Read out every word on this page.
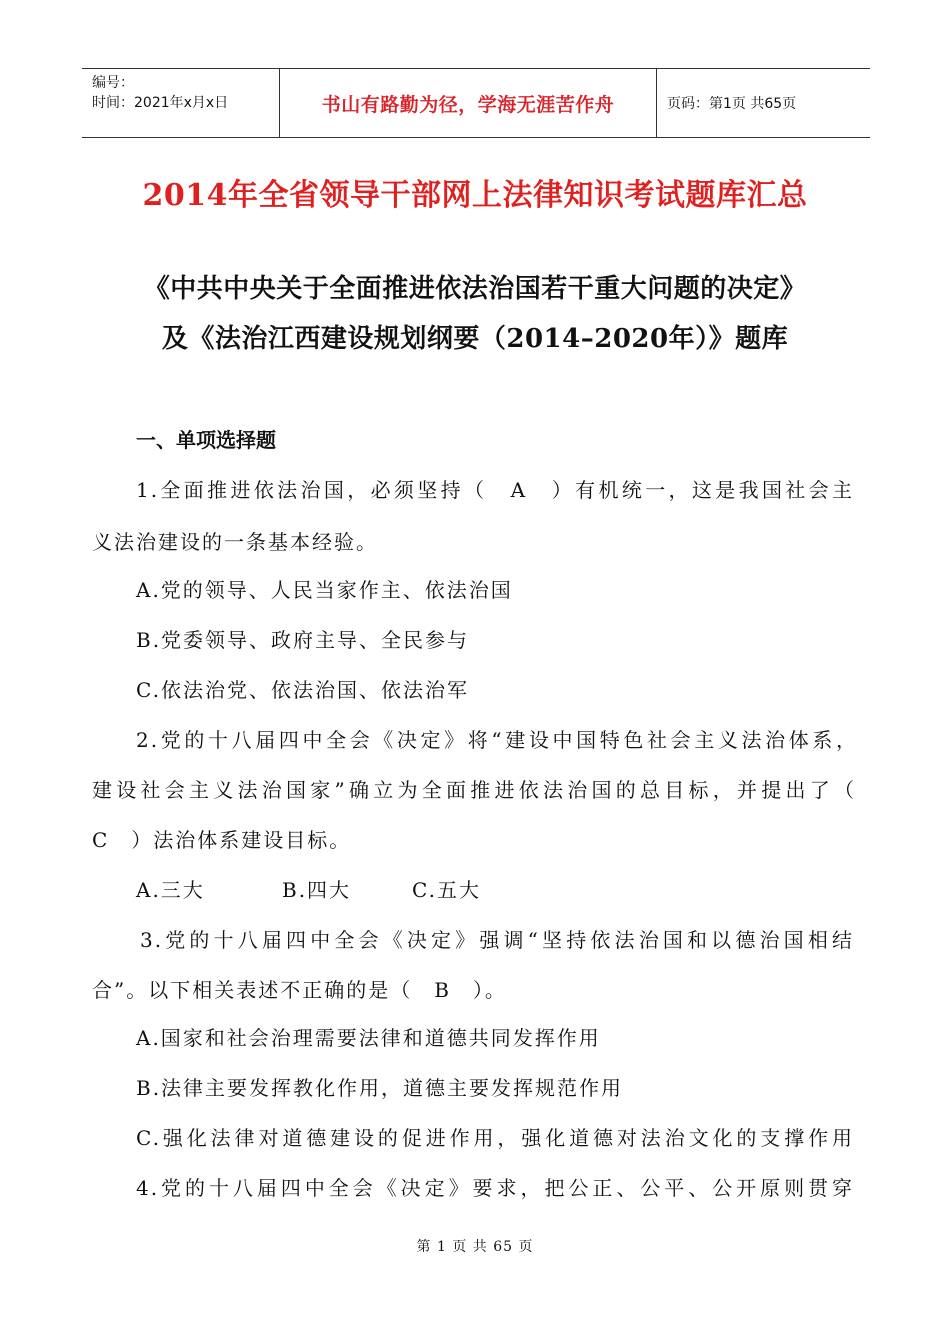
编号：
时间：2021年x月x日	书山有路勤为径，学海无涯苦作舟	页码：第1页 共65页
2014年全省领导干部网上法律知识考试题库汇总
《中共中央关于全面推进依法治国若干重大问题的决定》
及《法治江西建设规划纲要（2014–2020年）》题库
一、单项选择题
1.全面推进依法治国，必须坚持（　A　）有机统一，这是我国社会主
义法治建设的一条基本经验。
A.党的领导、人民当家作主、依法治国
B.党委领导、政府主导、全民参与
C.依法治党、依法治国、依法治军
2.党的十八届四中全会《决定》将“建设中国特色社会主义法治体系，
建设社会主义法治国家”确立为全面推进依法治国的总目标，并提出了（
C　）法治体系建设目标。
A.三大	B.四大	C.五大
3.党的十八届四中全会《决定》强调“坚持依法治国和以德治国相结
合”。以下相关表述不正确的是（　B　）。
A.国家和社会治理需要法律和道德共同发挥作用
B.法律主要发挥教化作用，道德主要发挥规范作用
C.强化法律对道德建设的促进作用，强化道德对法治文化的支撑作用
4.党的十八届四中全会《决定》要求，把公正、公平、公开原则贯穿
第 1 页 共 65 页
